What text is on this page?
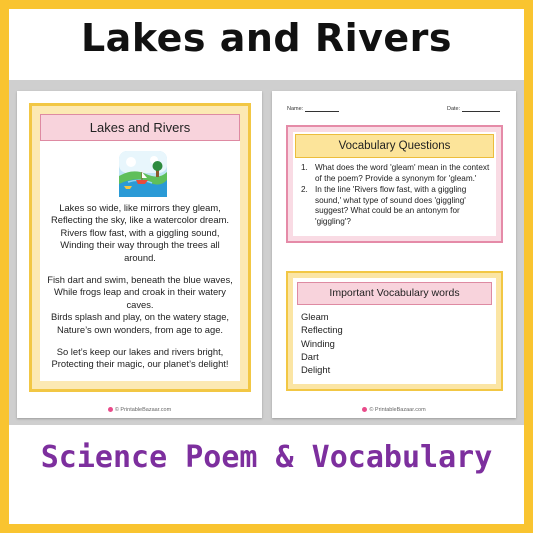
Lakes and Rivers
Lakes and Rivers
Lakes so wide, like mirrors they gleam,
Reflecting the sky, like a watercolor dream.
Rivers flow fast, with a giggling sound,
Winding their way through the trees all around.
Fish dart and swim, beneath the blue waves,
While frogs leap and croak in their watery caves.
Birds splash and play, on the watery stage,
Nature’s own wonders, from age to age.
So let’s keep our lakes and rivers bright,
Protecting their magic, our planet’s delight!
© PrintableBazaar.com
Name:	Date:
Vocabulary Questions
1. What does the word 'gleam' mean in the context of the poem? Provide a synonym for 'gleam.'
2. In the line 'Rivers flow fast, with a giggling sound,' what type of sound does 'giggling' suggest? What could be an antonym for 'giggling'?
Important Vocabulary words
Gleam
Reflecting
Winding
Dart
Delight
© PrintableBazaar.com
Science Poem & Vocabulary
